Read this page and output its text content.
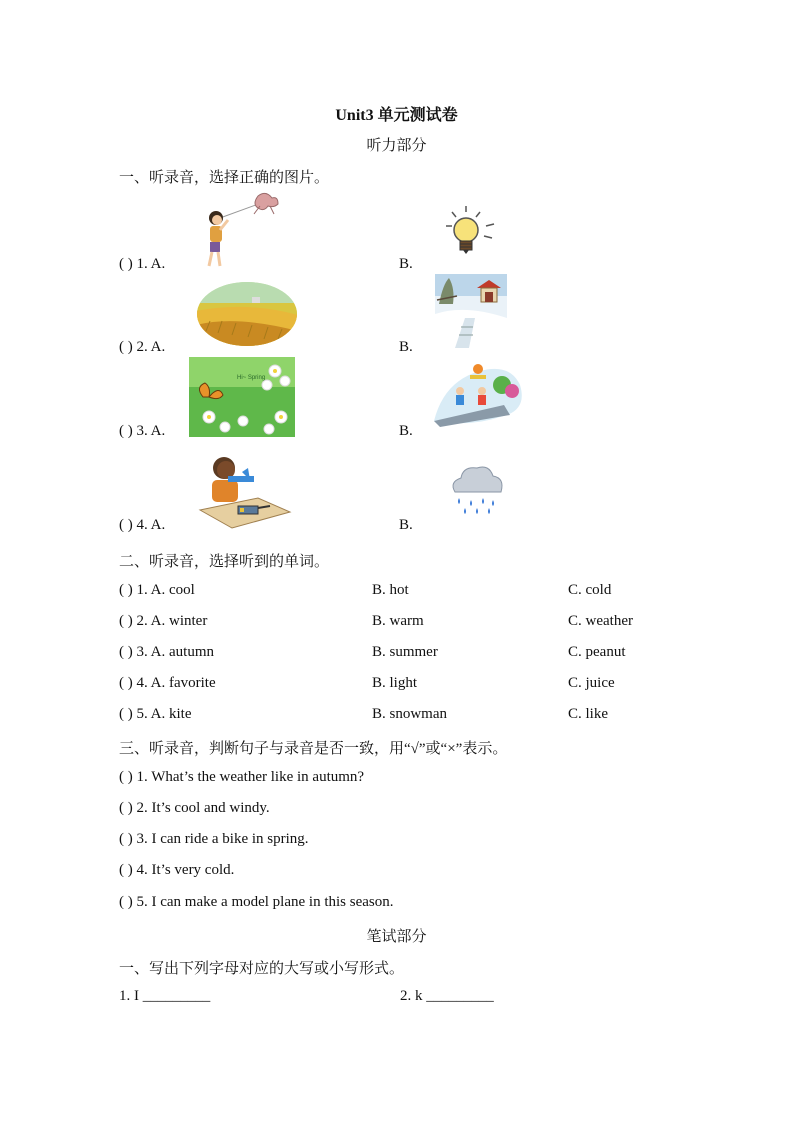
Unit3 单元测试卷
听力部分
一、听录音，选择正确的图片。
( ) 1. A.	B.
( ) 2. A.	B.
( ) 3. A.	B.
Hi~ Spring
( ) 4. A.	B.
二、听录音，选择听到的单词。
( ) 1. A. cool	B. hot	C. cold
( ) 2. A. winter	B. warm	C. weather
( ) 3. A. autumn	B. summer	C. peanut
( ) 4. A. favorite	B. light	C. juice
( ) 5. A. kite	B. snowman	C. like
三、听录音，判断句子与录音是否一致，用“√”或“×”表示。
( ) 1. What’s the weather like in autumn?
( ) 2. It’s cool and windy.
( ) 3. I can ride a bike in spring.
( ) 4. It’s very cold.
( ) 5. I can make a model plane in this season.
笔试部分
一、写出下列字母对应的大写或小写形式。
1. I _________	2. k _________
